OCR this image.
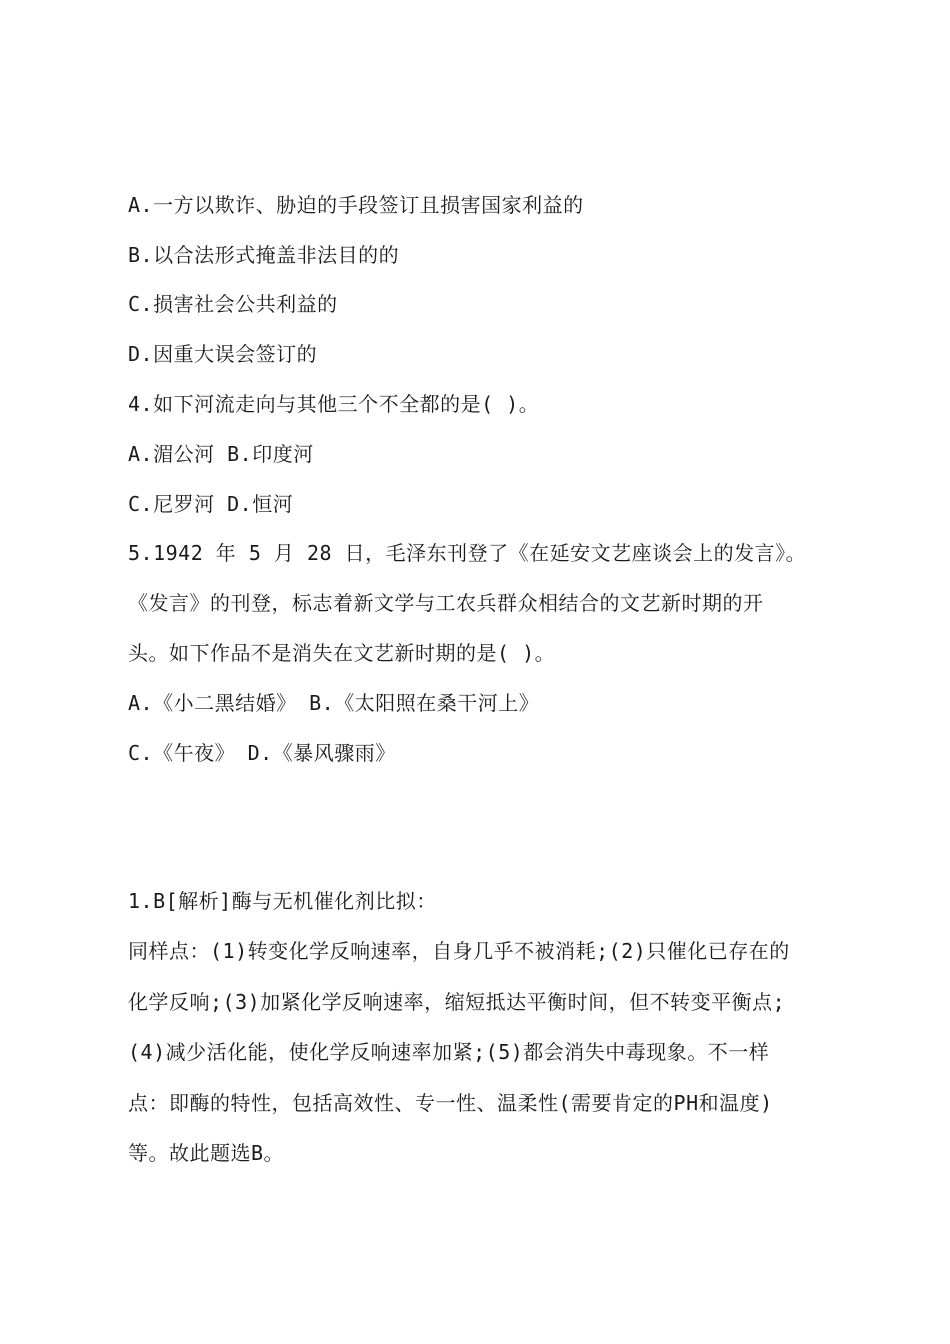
A.一方以欺诈、胁迫的手段签订且损害国家利益的
B.以合法形式掩盖非法目的的
C.损害社会公共利益的
D.因重大误会签订的
4.如下河流走向与其他三个不全都的是( )。
A.湄公河 B.印度河
C.尼罗河 D.恒河
5.1942 年 5 月 28 日，毛泽东刊登了《在延安文艺座谈会上的发言》。
《发言》的刊登，标志着新文学与工农兵群众相结合的文艺新时期的开
头。如下作品不是消失在文艺新时期的是( )。
A.《小二黑结婚》 B.《太阳照在桑干河上》
C.《午夜》 D.《暴风骤雨》
1.B[解析]酶与无机催化剂比拟：
同样点：(1)转变化学反响速率，自身几乎不被消耗;(2)只催化已存在的
化学反响;(3)加紧化学反响速率，缩短抵达平衡时间，但不转变平衡点;
(4)减少活化能，使化学反响速率加紧;(5)都会消失中毒现象。不一样
点：即酶的特性，包括高效性、专一性、温柔性(需要肯定的PH和温度)
等。故此题选B。
